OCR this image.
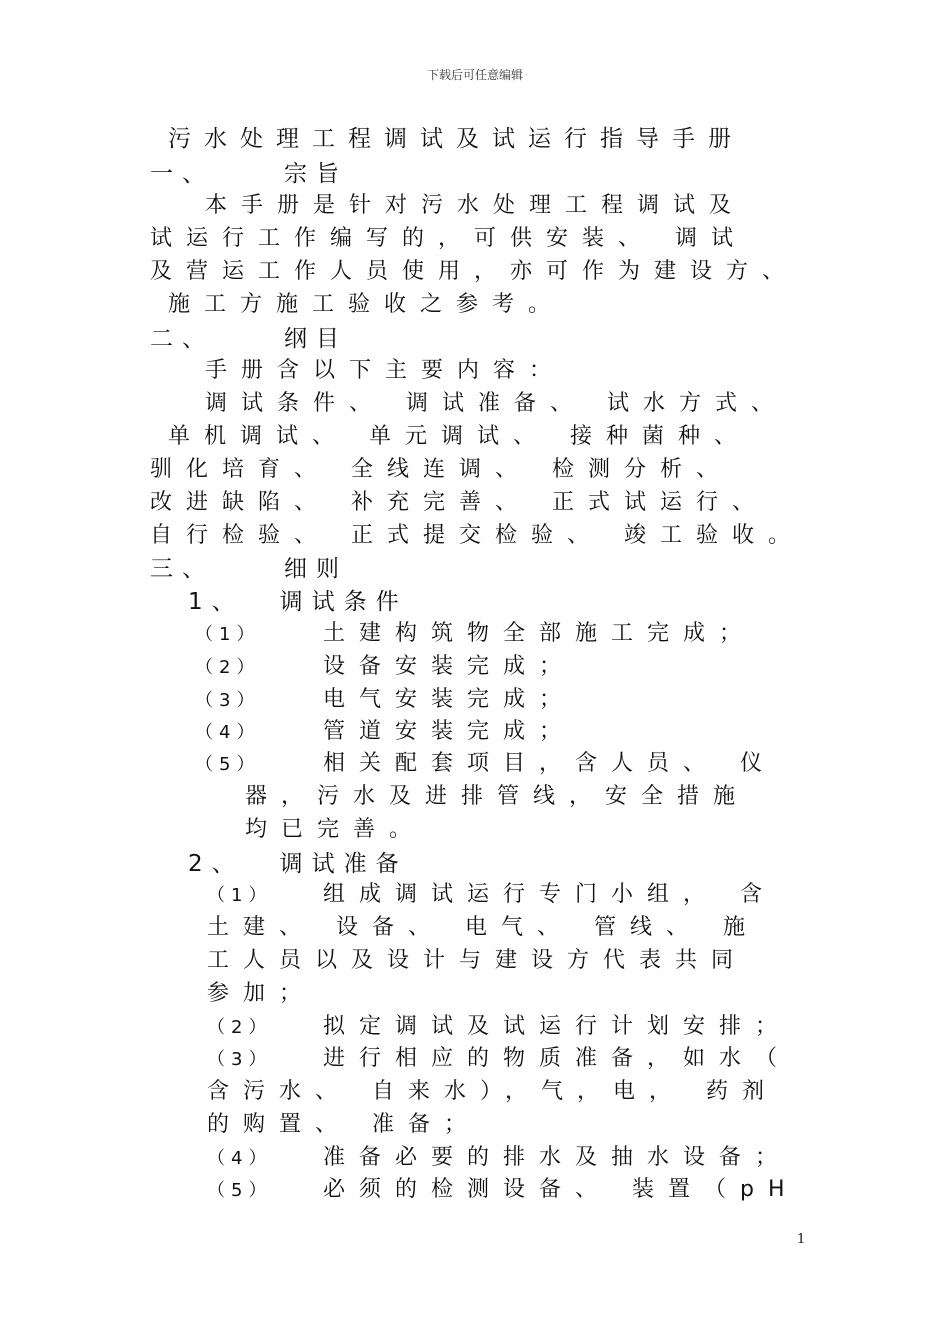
下载后可任意编辑
污水处理工程调试及试运行指导手册
一、	宗旨
本手册是针对污水处理工程调试及
试运行工作编写的，可供安装、 调试
及营运工作人员使用，亦可作为建设方、
施工方施工验收之参考。
二、	纲目
手册含以下主要内容：
调试条件、 调试准备、 试水方式、
单机调试、 单元调试、 接种菌种、
驯化培育、 全线连调、 检测分析、
改进缺陷、 补充完善、 正式试运行、
自行检验、 正式提交检验、 竣工验收。
三、	细则
1、 调试条件
（1）	土建构筑物全部施工完成；
（2）	设备安装完成；
（3）	电气安装完成；
（4）	管道安装完成；
（5）	相关配套项目，含人员、 仪
器，污水及进排管线，安全措施
均已完善。
2、 调试准备
（1） 组成调试运行专门小组， 含
土建、 设备、 电气、 管线、 施
工人员以及设计与建设方代表共同
参加；
（2） 拟定调试及试运行计划安排；
（3） 进行相应的物质准备，如水（
含污水、 自来水），气，电， 药剂
的购置、 准备；
（4） 准备必要的排水及抽水设备；
（5） 必须的检测设备、 装置（pH
1
